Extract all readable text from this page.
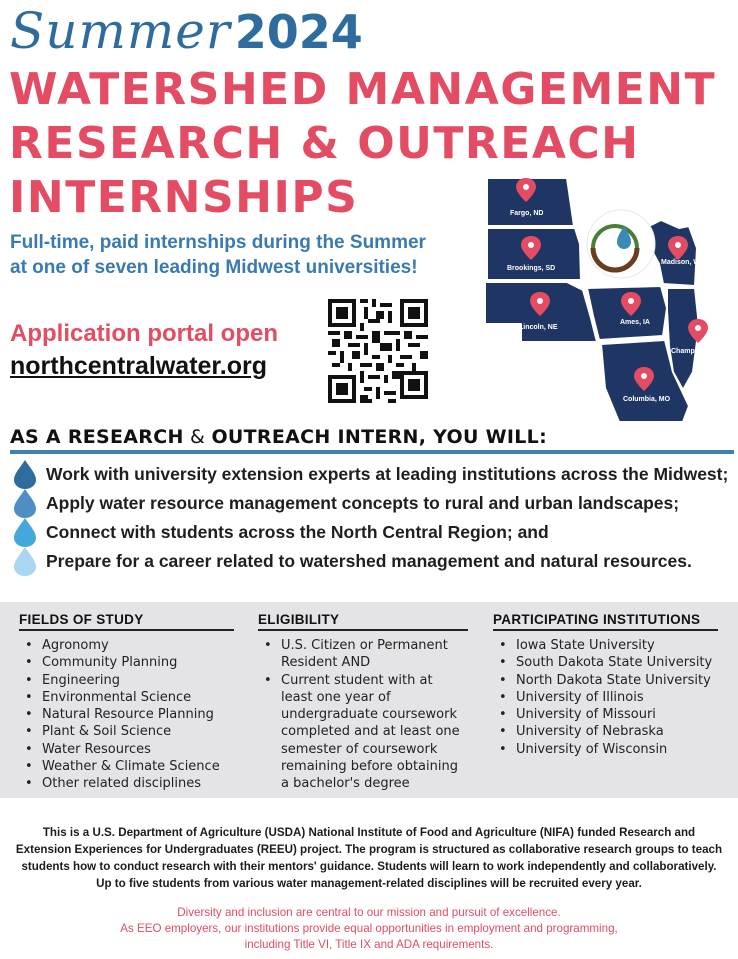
Summer 2024
WATERSHED MANAGEMENT
RESEARCH & OUTREACH
INTERNSHIPS
Full-time, paid internships during the Summer
at one of seven leading Midwest universities!
Application portal open
northcentralwater.org
Fargo, ND
Brookings, SD
Lincoln, NE
Ames, IA
Madison, WI
Champaign, IL
Columbia, MO
AS A RESEARCH & OUTREACH INTERN, YOU WILL:
Work with university extension experts at leading institutions across the Midwest;
Apply water resource management concepts to rural and urban landscapes;
Connect with students across the North Central Region; and
Prepare for a career related to watershed management and natural resources.
FIELDS OF STUDY
• Agronomy
• Community Planning
• Engineering
• Environmental Science
• Natural Resource Planning
• Plant & Soil Science
• Water Resources
• Weather & Climate Science
• Other related disciplines
ELIGIBILITY
• U.S. Citizen or Permanent Resident AND
• Current student with at least one year of undergraduate coursework completed and at least one semester of coursework remaining before obtaining a bachelor's degree
PARTICIPATING INSTITUTIONS
• Iowa State University
• South Dakota State University
• North Dakota State University
• University of Illinois
• University of Missouri
• University of Nebraska
• University of Wisconsin

This is a U.S. Department of Agriculture (USDA) National Institute of Food and Agriculture (NIFA) funded Research and Extension Experiences for Undergraduates (REEU) project. The program is structured as collaborative research groups to teach students how to conduct research with their mentors' guidance. Students will learn to work independently and collaboratively. Up to five students from various water management-related disciplines will be recruited every year.

Diversity and inclusion are central to our mission and pursuit of excellence.
As EEO employers, our institutions provide equal opportunities in employment and programming,
including Title VI, Title IX and ADA requirements.
